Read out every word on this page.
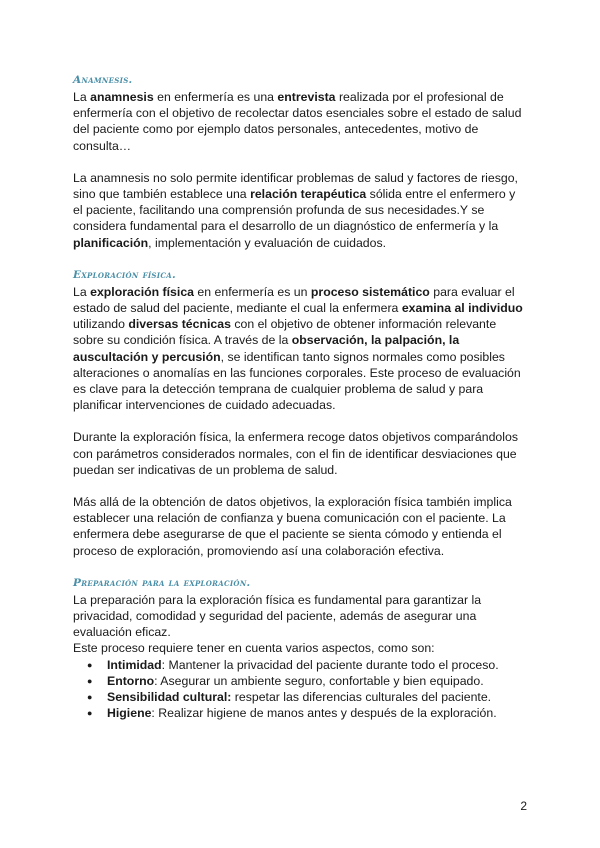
Anamnesis.

La anamnesis en enfermería es una entrevista realizada por el profesional de enfermería con el objetivo de recolectar datos esenciales sobre el estado de salud del paciente como por ejemplo datos personales, antecedentes, motivo de consulta…

La anamnesis no solo permite identificar problemas de salud y factores de riesgo, sino que también establece una relación terapéutica sólida entre el enfermero y el paciente, facilitando una comprensión profunda de sus necesidades.Y se considera fundamental para el desarrollo de un diagnóstico de enfermería y la planificación, implementación y evaluación de cuidados.

Exploración física.

La exploración física en enfermería es un proceso sistemático para evaluar el estado de salud del paciente, mediante el cual la enfermera examina al individuo utilizando diversas técnicas con el objetivo de obtener información relevante sobre su condición física. A través de la observación, la palpación, la auscultación y percusión, se identifican tanto signos normales como posibles alteraciones o anomalías en las funciones corporales. Este proceso de evaluación es clave para la detección temprana de cualquier problema de salud y para planificar intervenciones de cuidado adecuadas.

Durante la exploración física, la enfermera recoge datos objetivos comparándolos con parámetros considerados normales, con el fin de identificar desviaciones que puedan ser indicativas de un problema de salud.

Más allá de la obtención de datos objetivos, la exploración física también implica establecer una relación de confianza y buena comunicación con el paciente. La enfermera debe asegurarse de que el paciente se sienta cómodo y entienda el proceso de exploración, promoviendo así una colaboración efectiva.

Preparación para la exploración.

La preparación para la exploración física es fundamental para garantizar la privacidad, comodidad y seguridad del paciente, además de asegurar una evaluación eficaz.

Este proceso requiere tener en cuenta varios aspectos, como son:

● Intimidad: Mantener la privacidad del paciente durante todo el proceso.
● Entorno: Asegurar un ambiente seguro, confortable y bien equipado.
● Sensibilidad cultural: respetar las diferencias culturales del paciente.
● Higiene: Realizar higiene de manos antes y después de la exploración.
2
